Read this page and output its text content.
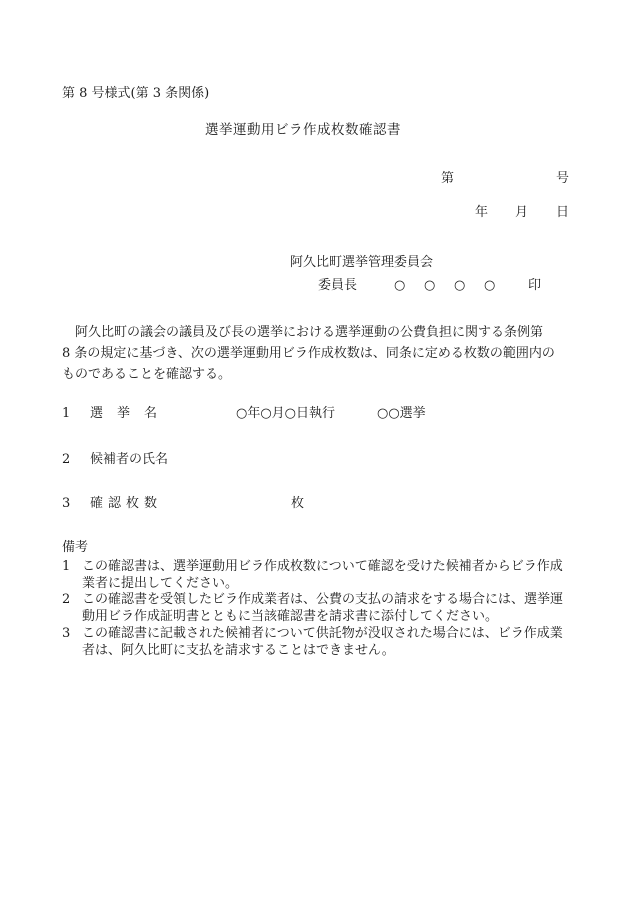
第 8 号様式(第 3 条関係)
選挙運動用ビラ作成枚数確認書
第	号
年 月 日
阿久比町選挙管理委員会
委員長	○ ○ ○ ○	印
阿久比町の議会の議員及び長の選挙における選挙運動の公費負担に関する条例第
8 条の規定に基づき、次の選挙運動用ビラ作成枚数は、同条に定める枚数の範囲内の
ものであることを確認する。
1 選挙名	○年○月○日執行	○○選挙
2 候補者の氏名
3 確認枚数	枚
備考
1 この確認書は、選挙運動用ビラ作成枚数について確認を受けた候補者からビラ作成業者に提出してください。
2 この確認書を受領したビラ作成業者は、公費の支払の請求をする場合には、選挙運動用ビラ作成証明書とともに当該確認書を請求書に添付してください。
3 この確認書に記載された候補者について供託物が没収された場合には、ビラ作成業者は、阿久比町に支払を請求することはできません。
